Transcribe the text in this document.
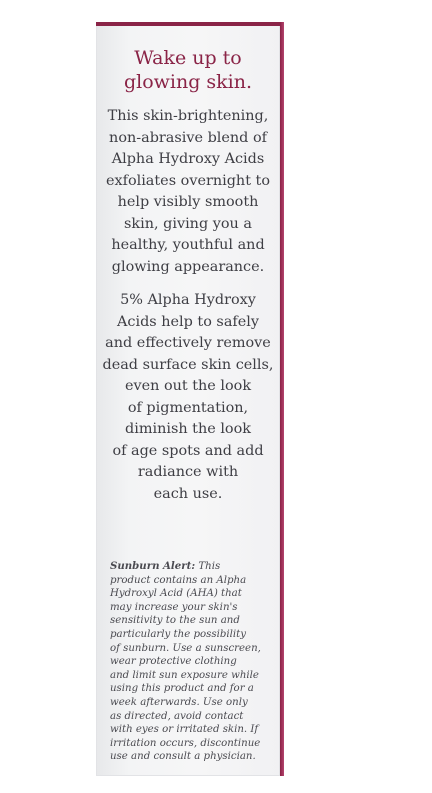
Wake up to
glowing skin.
This skin-brightening,
non-abrasive blend of
Alpha Hydroxy Acids
exfoliates overnight to
help visibly smooth
skin, giving you a
healthy, youthful and
glowing appearance.
5% Alpha Hydroxy
Acids help to safely
and effectively remove
dead surface skin cells,
even out the look
of pigmentation,
diminish the look
of age spots and add
radiance with
each use.
Sunburn Alert: This
product contains an Alpha
Hydroxyl Acid (AHA) that
may increase your skin's
sensitivity to the sun and
particularly the possibility
of sunburn. Use a sunscreen,
wear protective clothing
and limit sun exposure while
using this product and for a
week afterwards. Use only
as directed, avoid contact
with eyes or irritated skin. If
irritation occurs, discontinue
use and consult a physician.
